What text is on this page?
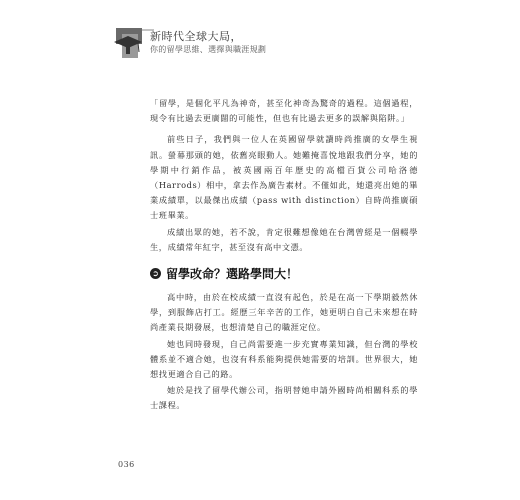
新時代全球大局，
你的留學思維、選擇與職涯規劃

「留學，是個化平凡為神奇，甚至化神奇為驚奇的過程。這個過程，現令有比過去更廣闊的可能性，但也有比過去更多的誤解與陷阱。」

前些日子，我們與一位人在英國留學就讀時尚推廣的女學生視訊。螢幕那頭的她，依舊亮眼動人。她難掩喜悅地跟我們分享，她的學期中行銷作品，被英國兩百年歷史的高檔百貨公司哈洛德（Harrods）相中，拿去作為廣告素材。不僅如此，她還亮出她的畢業成績單，以最傑出成績（pass with distinction）自時尚推廣碩士班畢業。

成績出眾的她，若不說，肯定很難想像她在台灣曾經是一個輟學生，成績常年紅字，甚至沒有高中文憑。

➲ 留學改命？選路學問大！

高中時，由於在校成績一直沒有起色，於是在高一下學期毅然休學，到服飾店打工。經歷三年辛苦的工作，她更明白自己未來想在時尚產業長期發展，也想清楚自己的職涯定位。

她也同時發現，自己尚需要進一步充實專業知識，但台灣的學校體系並不適合她，也沒有科系能夠提供她需要的培訓。世界很大，她想找更適合自己的路。

她於是找了留學代辦公司，指明替她申請外國時尚相關科系的學士課程。

036
